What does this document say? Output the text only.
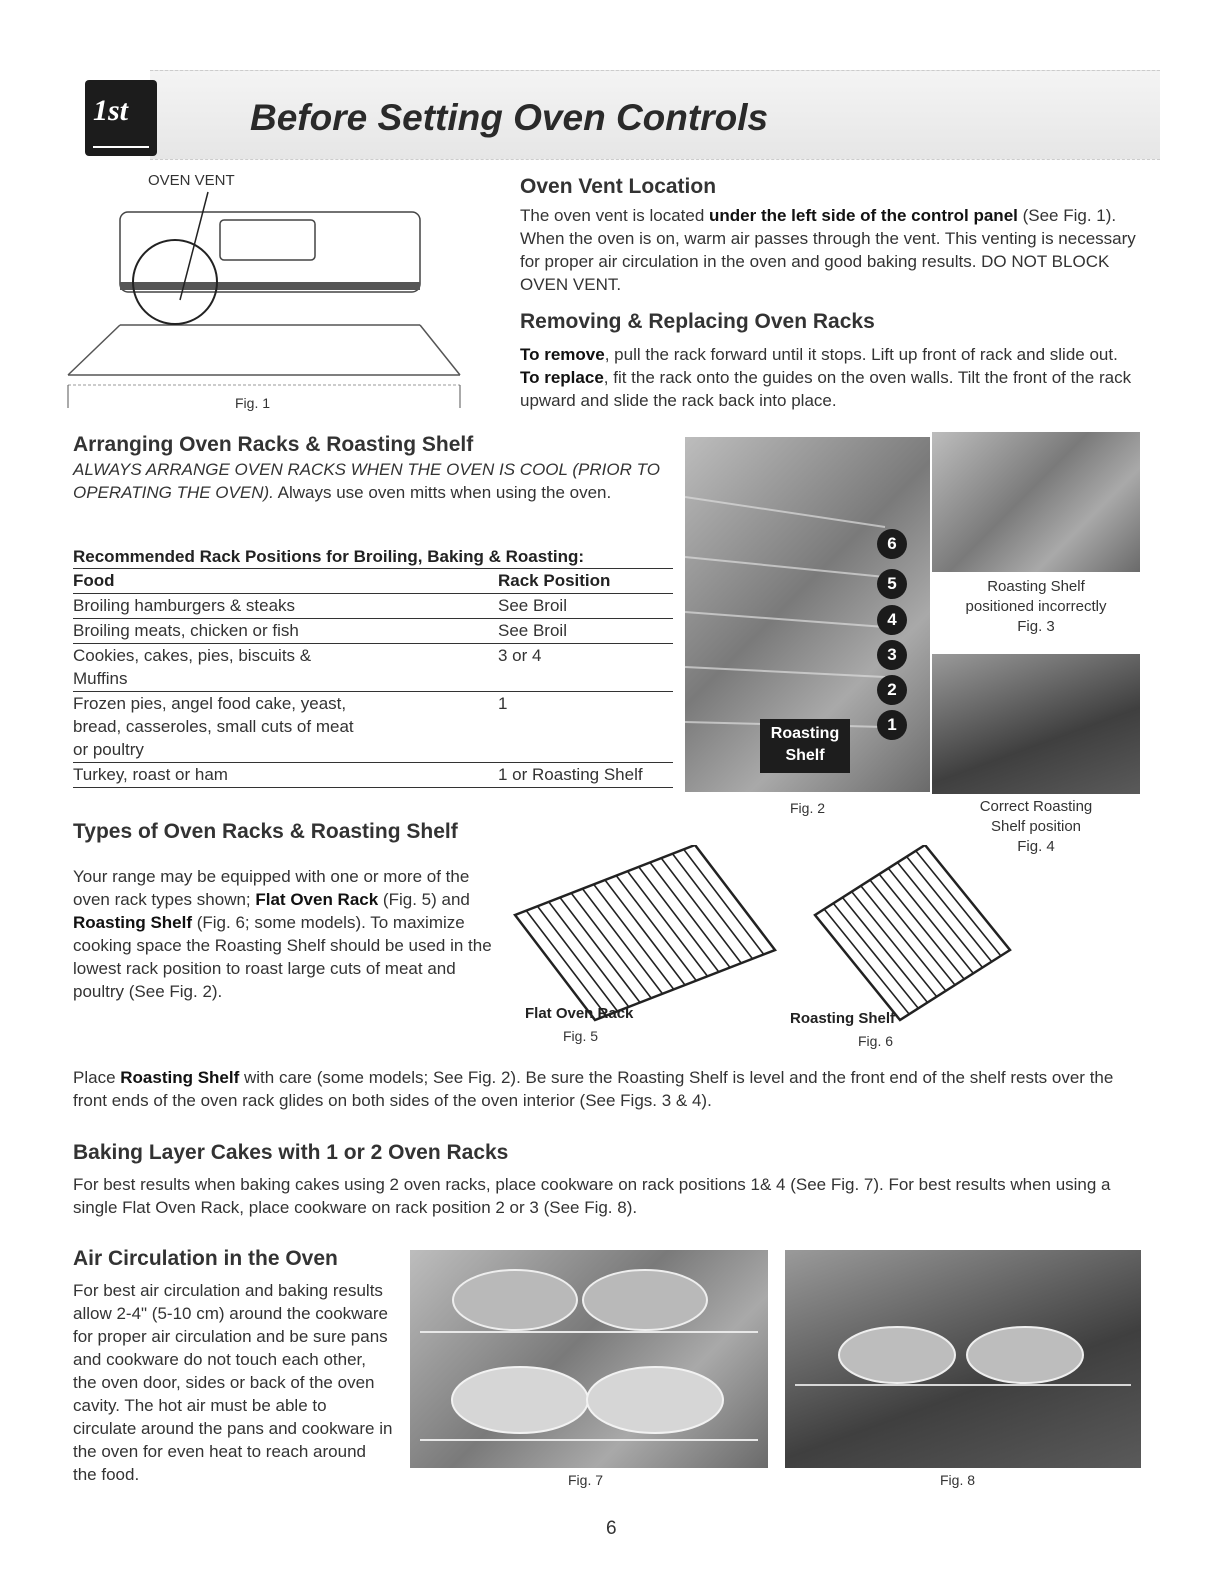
1st	Before Setting Oven Controls
OVEN VENT
Fig. 1
Oven Vent Location
The oven vent is located under the left side of the control panel (See Fig. 1). When the oven is on, warm air passes through the vent. This venting is necessary for proper air circulation in the oven and good baking results. DO NOT BLOCK OVEN VENT.
Removing & Replacing Oven Racks
To remove, pull the rack forward until it stops. Lift up front of rack and slide out. To replace, fit the rack onto the guides on the oven walls. Tilt the front of the rack upward and slide the rack back into place.
Arranging Oven Racks & Roasting Shelf
ALWAYS ARRANGE OVEN RACKS WHEN THE OVEN IS COOL (PRIOR TO OPERATING THE OVEN). Always use oven mitts when using the oven.
Recommended Rack Positions for Broiling, Baking & Roasting:
Food	Rack Position
Broiling hamburgers & steaks	See Broil
Broiling meats, chicken or fish	See Broil
Cookies, cakes, pies, biscuits & Muffins	3 or 4
Frozen pies, angel food cake, yeast, bread, casseroles, small cuts of meat or poultry	1
Turkey, roast or ham	1 or Roasting Shelf
6
5
4
3
2
1
Roasting
Shelf
Fig. 2
Roasting Shelf
positioned incorrectly
Fig. 3
Correct Roasting
Shelf position
Fig. 4
Types of Oven Racks & Roasting Shelf
Your range may be equipped with one or more of the oven rack types shown; Flat Oven Rack (Fig. 5) and Roasting Shelf (Fig. 6; some models). To maximize cooking space the Roasting Shelf should be used in the lowest rack position to roast large cuts of meat and poultry (See Fig. 2).
Flat Oven Rack
Fig. 5
Roasting Shelf
Fig. 6
Place Roasting Shelf with care (some models; See Fig. 2). Be sure the Roasting Shelf is level and the front end of the shelf rests over the front ends of the oven rack glides on both sides of the oven interior (See Figs. 3 & 4).
Baking Layer Cakes with 1 or 2 Oven Racks
For best results when baking cakes using 2 oven racks, place cookware on rack positions 1& 4 (See Fig. 7). For best results when using a single Flat Oven Rack, place cookware on rack position 2 or 3 (See Fig. 8).
Air Circulation in the Oven
For best air circulation and baking results allow 2-4" (5-10 cm) around the cookware for proper air circulation and be sure pans and cookware do not touch each other, the oven door, sides or back of the oven cavity. The hot air must be able to circulate around the pans and cookware in the oven for even heat to reach around the food.	Fig. 7	Fig. 8
6
